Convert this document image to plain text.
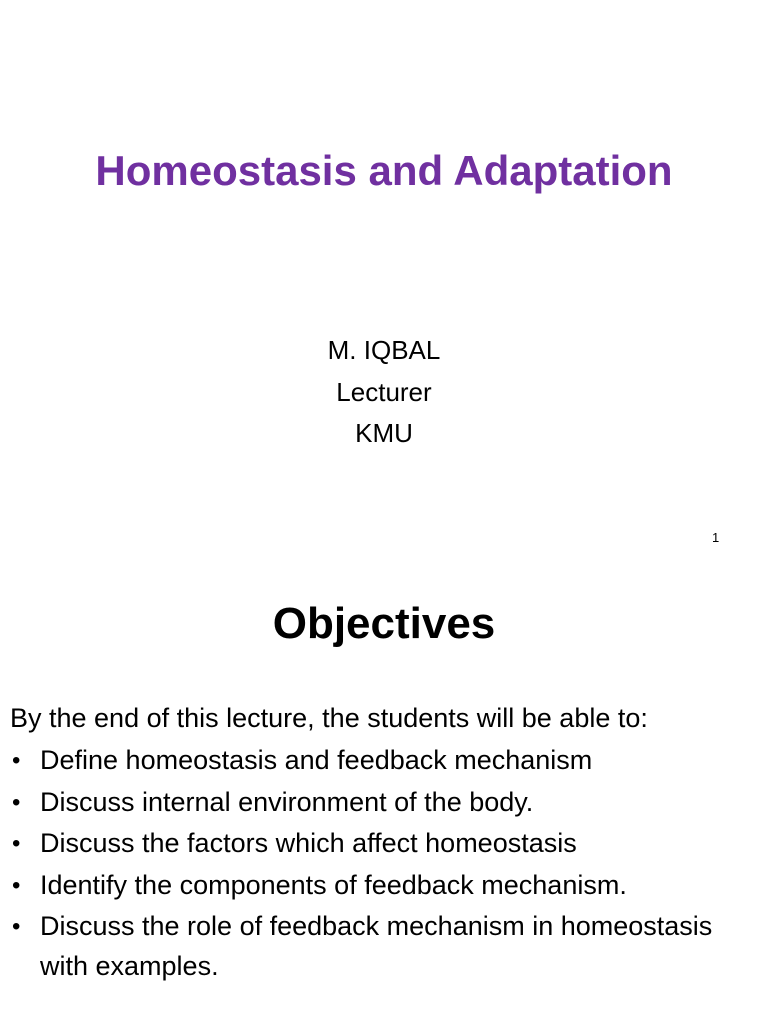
Homeostasis and Adaptation
M. IQBAL
Lecturer
KMU
1
Objectives
By the end of this lecture, the students will be able to:
• Define homeostasis and feedback mechanism
• Discuss internal environment of the body.
• Discuss the factors which affect homeostasis
• Identify the components of feedback mechanism.
• Discuss the role of feedback mechanism in homeostasis with examples.
